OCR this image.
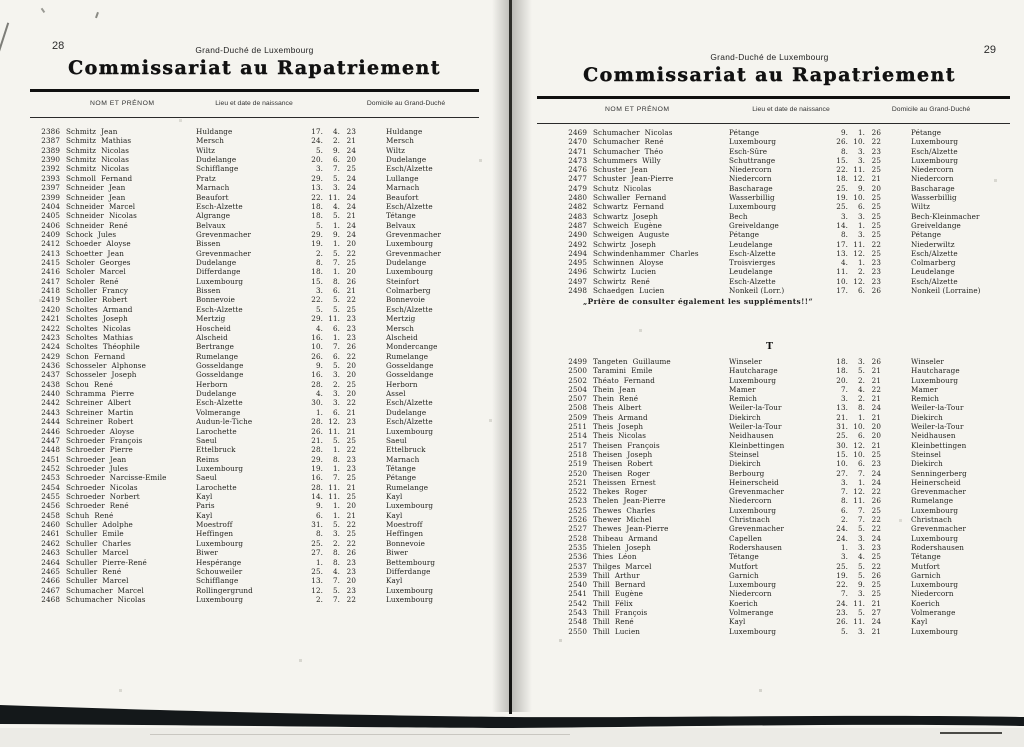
28	Grand-Duché de Luxembourg
Commissariat au Rapatriement
NOM ET PRÉNOM	Lieu et date de naissance	Domicile au Grand-Duché
2386 Schmitz Jean	Huldange	17.	4. 23	Huldange
2387 Schmitz Mathias	Mersch	24.	2. 21	Mersch
2389 Schmitz Nicolas	Wiltz	5.	9. 24	Wiltz
2390 Schmitz Nicolas	Dudelange	20.	6. 20	Dudelange
2392 Schmitz Nicolas	Schifflange	3.	7. 25	Esch/Alzette
2393 Schmoll Fernand	Pratz	29.	5. 24	Lullange
2397 Schneider Jean	Marnach	13.	3. 24	Marnach
2399 Schneider Jean	Beaufort	22. 11. 24	Beaufort
2404 Schneider Marcel	Esch-Alzette	18.	4. 24	Esch/Alzette
2405 Schneider Nicolas	Algrange	18.	5. 21	Tétange
2406 Schneider René	Belvaux	5.	1. 24	Belvaux
2409 Schock Jules	Grevenmacher	29.	9. 24	Grevenmacher
2412 Schoeder Aloyse	Bissen	19.	1. 20	Luxembourg
2413 Schoetter Jean	Grevenmacher	2.	5. 22	Grevenmacher
2415 Scholer Georges	Dudelange	8.	7. 25	Dudelange
2416 Scholer Marcel	Differdange	18.	1. 20	Luxembourg
2417 Scholer René	Luxembourg	15.	8. 26	Steinfort
2418 Scholler Francy	Bissen	3.	6. 21	Colmarberg
2419 Scholler Robert	Bonnevoie	22.	5. 22	Bonnevoie
2420 Scholtes Armand	Esch-Alzette	5.	5. 25	Esch/Alzette
2421 Scholtes Joseph	Mertzig	29. 11. 23	Mertzig
2422 Scholtes Nicolas	Hoscheid	4.	6. 23	Mersch
2423 Scholtes Mathias	Alscheid	16.	1. 23	Alscheid
2424 Scholtes Théophile	Bertrange	10.	7. 26	Mondercange
2429 Schon Fernand	Rumelange	26.	6. 22	Rumelange
2436 Schosseler Alphonse	Gosseldange	9.	5. 20	Gosseldange
2437 Schosseler Joseph	Gosseldange	16.	3. 20	Gosseldange
2438 Schou René	Herborn	28.	2. 25	Herborn
2440 Schramma Pierre	Dudelange	4.	3. 20	Assel
2442 Schreiner Albert	Esch-Alzette	30.	3. 22	Esch/Alzette
2443 Schreiner Martin	Volmerange	1.	6. 21	Dudelange
2444 Schreiner Robert	Audun-le-Tiche	28. 12. 23	Esch/Alzette
2446 Schroeder Aloyse	Larochette	26. 11. 21	Luxembourg
2447 Schroeder François	Saeul	21.	5. 25	Saeul
2448 Schroeder Pierre	Ettelbruck	28.	1. 22	Ettelbruck
2451 Schroeder Jean	Reims	29.	8. 23	Marnach
2452 Schroeder Jules	Luxembourg	19.	1. 23	Tétange
2453 Schroeder Narcisse-Emile	Saeul	16.	7. 25	Pétange
2454 Schroeder Nicolas	Larochette	28. 11. 21	Rumelange
2455 Schroeder Norbert	Kayl	14. 11. 25	Kayl
2456 Schroeder René	Paris	9.	1. 20	Luxembourg
2458 Schuh René	Kayl	6.	1. 21	Kayl
2460 Schuller Adolphe	Moestroff	31.	5. 22	Moestroff
2461 Schuller Emile	Heffingen	8.	3. 25	Heffingen
2462 Schuller Charles	Luxembourg	25.	2. 22	Bonnevoie
2463 Schuller Marcel	Biwer	27.	8. 26	Biwer
2464 Schuller Pierre-René	Hespérange	1.	8. 23	Bettembourg
2465 Schuller René	Schouweiler	25.	4. 23	Differdange
2466 Schuller Marcel	Schifflange	13.	7. 20	Kayl
2467 Schumacher Marcel	Rollingergrund	12.	5. 23	Luxembourg
2468 Schumacher Nicolas	Luxembourg	2.	7. 22	Luxembourg
29
Grand-Duché de Luxembourg
Commissariat au Rapatriement
NOM ET PRÉNOM	Lieu et date de naissance	Domicile au Grand-Duché
2469 Schumacher Nicolas	Pétange	9.	1. 26	Pétange
2470 Schumacher René	Luxembourg	26. 10. 22	Luxembourg
2471 Schumacher Théo	Esch-Sûre	8.	3. 23	Esch/Alzette
2473 Schummers Willy	Schuttrange	15.	3. 25	Luxembourg
2476 Schuster Jean	Niedercorn	22. 11. 25	Niedercorn
2477 Schuster Jean-Pierre	Niedercorn	18. 12. 21	Niedercorn
2479 Schutz Nicolas	Bascharage	25.	9. 20	Bascharage
2480 Schwaller Fernand	Wasserbillig	19. 10. 25	Wasserbillig
2482 Schwartz Fernand	Luxembourg	25.	6. 25	Wiltz
2483 Schwartz Joseph	Bech	3.	3. 25	Bech-Kleinmacher
2487 Schweich Eugène	Greiveldange	14.	1. 25	Greiveldange
2490 Schweigen Auguste	Pétange	8.	3. 25	Pétange
2492 Schwirtz Joseph	Leudelange	17. 11. 22	Niederwiltz
2494 Schwindenhammer Charles	Esch-Alzette	13. 12. 25	Esch/Alzette
2495 Schwinnen Aloyse	Troisvierges	4.	1. 23	Colmarberg
2496 Schwirtz Lucien	Leudelange	11.	2. 23	Leudelange
2497 Schwirtz René	Esch-Alzette	10. 12. 23	Esch/Alzette
2498 Schaedgen Lucien	Nonkeil (Lorr.)	17.	6. 26	Nonkeil (Lorraine)
„Prière de consulter également les suppléments!!“
T
2499 Tangeten Guillaume	Winseler	18.	3. 26	Winseler
2500 Taramini Emile	Hautcharage	18.	5. 21	Hautcharage
2502 Théato Fernand	Luxembourg	20.	2. 21	Luxembourg
2504 Thein Jean	Mamer	7.	4. 22	Mamer
2507 Thein René	Remich	3.	2. 21	Remich
2508 Theis Albert	Weiler-la-Tour	13.	8. 24	Weiler-la-Tour
2509 Theis Armand	Diekirch	21.	1. 21	Diekirch
2511 Theis Joseph	Weiler-la-Tour	31. 10. 20	Weiler-la-Tour
2514 Theis Nicolas	Neidhausen	25.	6. 20	Neidhausen
2517 Theisen François	Kleinbettingen	30. 12. 21	Kleinbettingen
2518 Theisen Joseph	Steinsel	15. 10. 25	Steinsel
2519 Theisen Robert	Diekirch	10.	6. 23	Diekirch
2520 Theisen Roger	Berbourg	27.	7. 24	Senningerberg
2521 Theissen Ernest	Heinerscheid	3.	1. 24	Heinerscheid
2522 Thekes Roger	Grevenmacher	7. 12. 22	Grevenmacher
2523 Thelen Jean-Pierre	Niedercorn	8. 11. 26	Rumelange
2525 Thewes Charles	Luxembourg	6.	7. 25	Luxembourg
2526 Thewer Michel	Christnach	2.	7. 22	Christnach
2527 Thewes Jean-Pierre	Grevenmacher	24.	5. 22	Grevenmacher
2528 Thibeau Armand	Capellen	24.	3. 24	Luxembourg
2535 Thielen Joseph	Rodershausen	1.	3. 23	Rodershausen
2536 Thies Léon	Tétange	3.	4. 25	Tétange
2537 Thilges Marcel	Mutfort	25.	5. 22	Mutfort
2539 Thill Arthur	Garnich	19.	5. 26	Garnich
2540 Thill Bernard	Luxembourg	22.	9. 25	Luxembourg
2541 Thill Eugène	Niedercorn	7.	3. 25	Niedercorn
2542 Thill Félix	Koerich	24. 11. 21	Koerich
2543 Thill François	Volmerange	23.	5. 27	Volmerange
2548 Thill René	Kayl	26. 11. 24	Kayl
2550 Thill Lucien	Luxembourg	5.	3. 21	Luxembourg
